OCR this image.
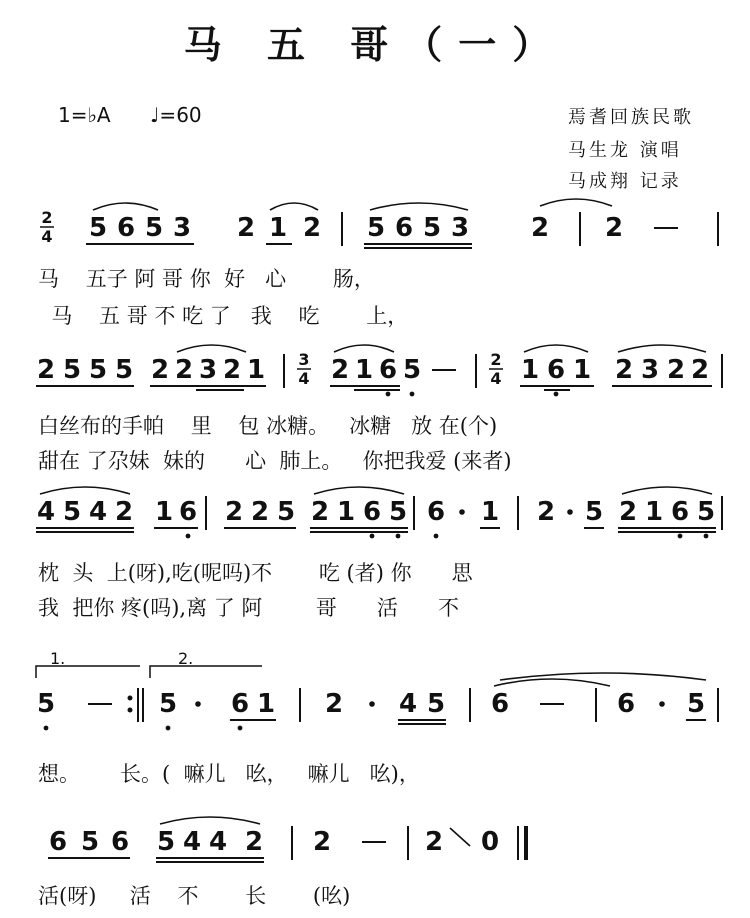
马 五 哥（一）
1=♭A ♩=60	焉耆回族民歌
马生龙 演唱
马成翔 记录
2
4 5 6 5 3 2 1 2 5 6 5 3 2 2
2 5 5 5 2 2 3 2 1 3
4 2 1 6 5	2
4 1 6 1 2 3 2 2
4 5 4 2 1 6 2 2 5 2 1 6 5 6 1 2 5 2 1 6 5
1.	2.
5	5 6 1 2 4 5 6	6 5
6 5 6 5 4 4 2 2	2 0
马    五子 阿 哥 你  好   心       肠，
马    五 哥 不 吃 了   我    吃       上，
白丝布的手帕    里    包 冰糖。   冰糖   放 在(个)
甜在 了尕妹  妹的      心  肺上。   你把我爱 (来者)
枕  头  上(呀),吃(呢吗)不       吃 (者) 你      思
我  把你 疼(吗),离 了 阿        哥      活      不
想。      长。(  嘛儿   吆，   嘛儿   吆)，
活(呀)     活    不       长       (吆)
